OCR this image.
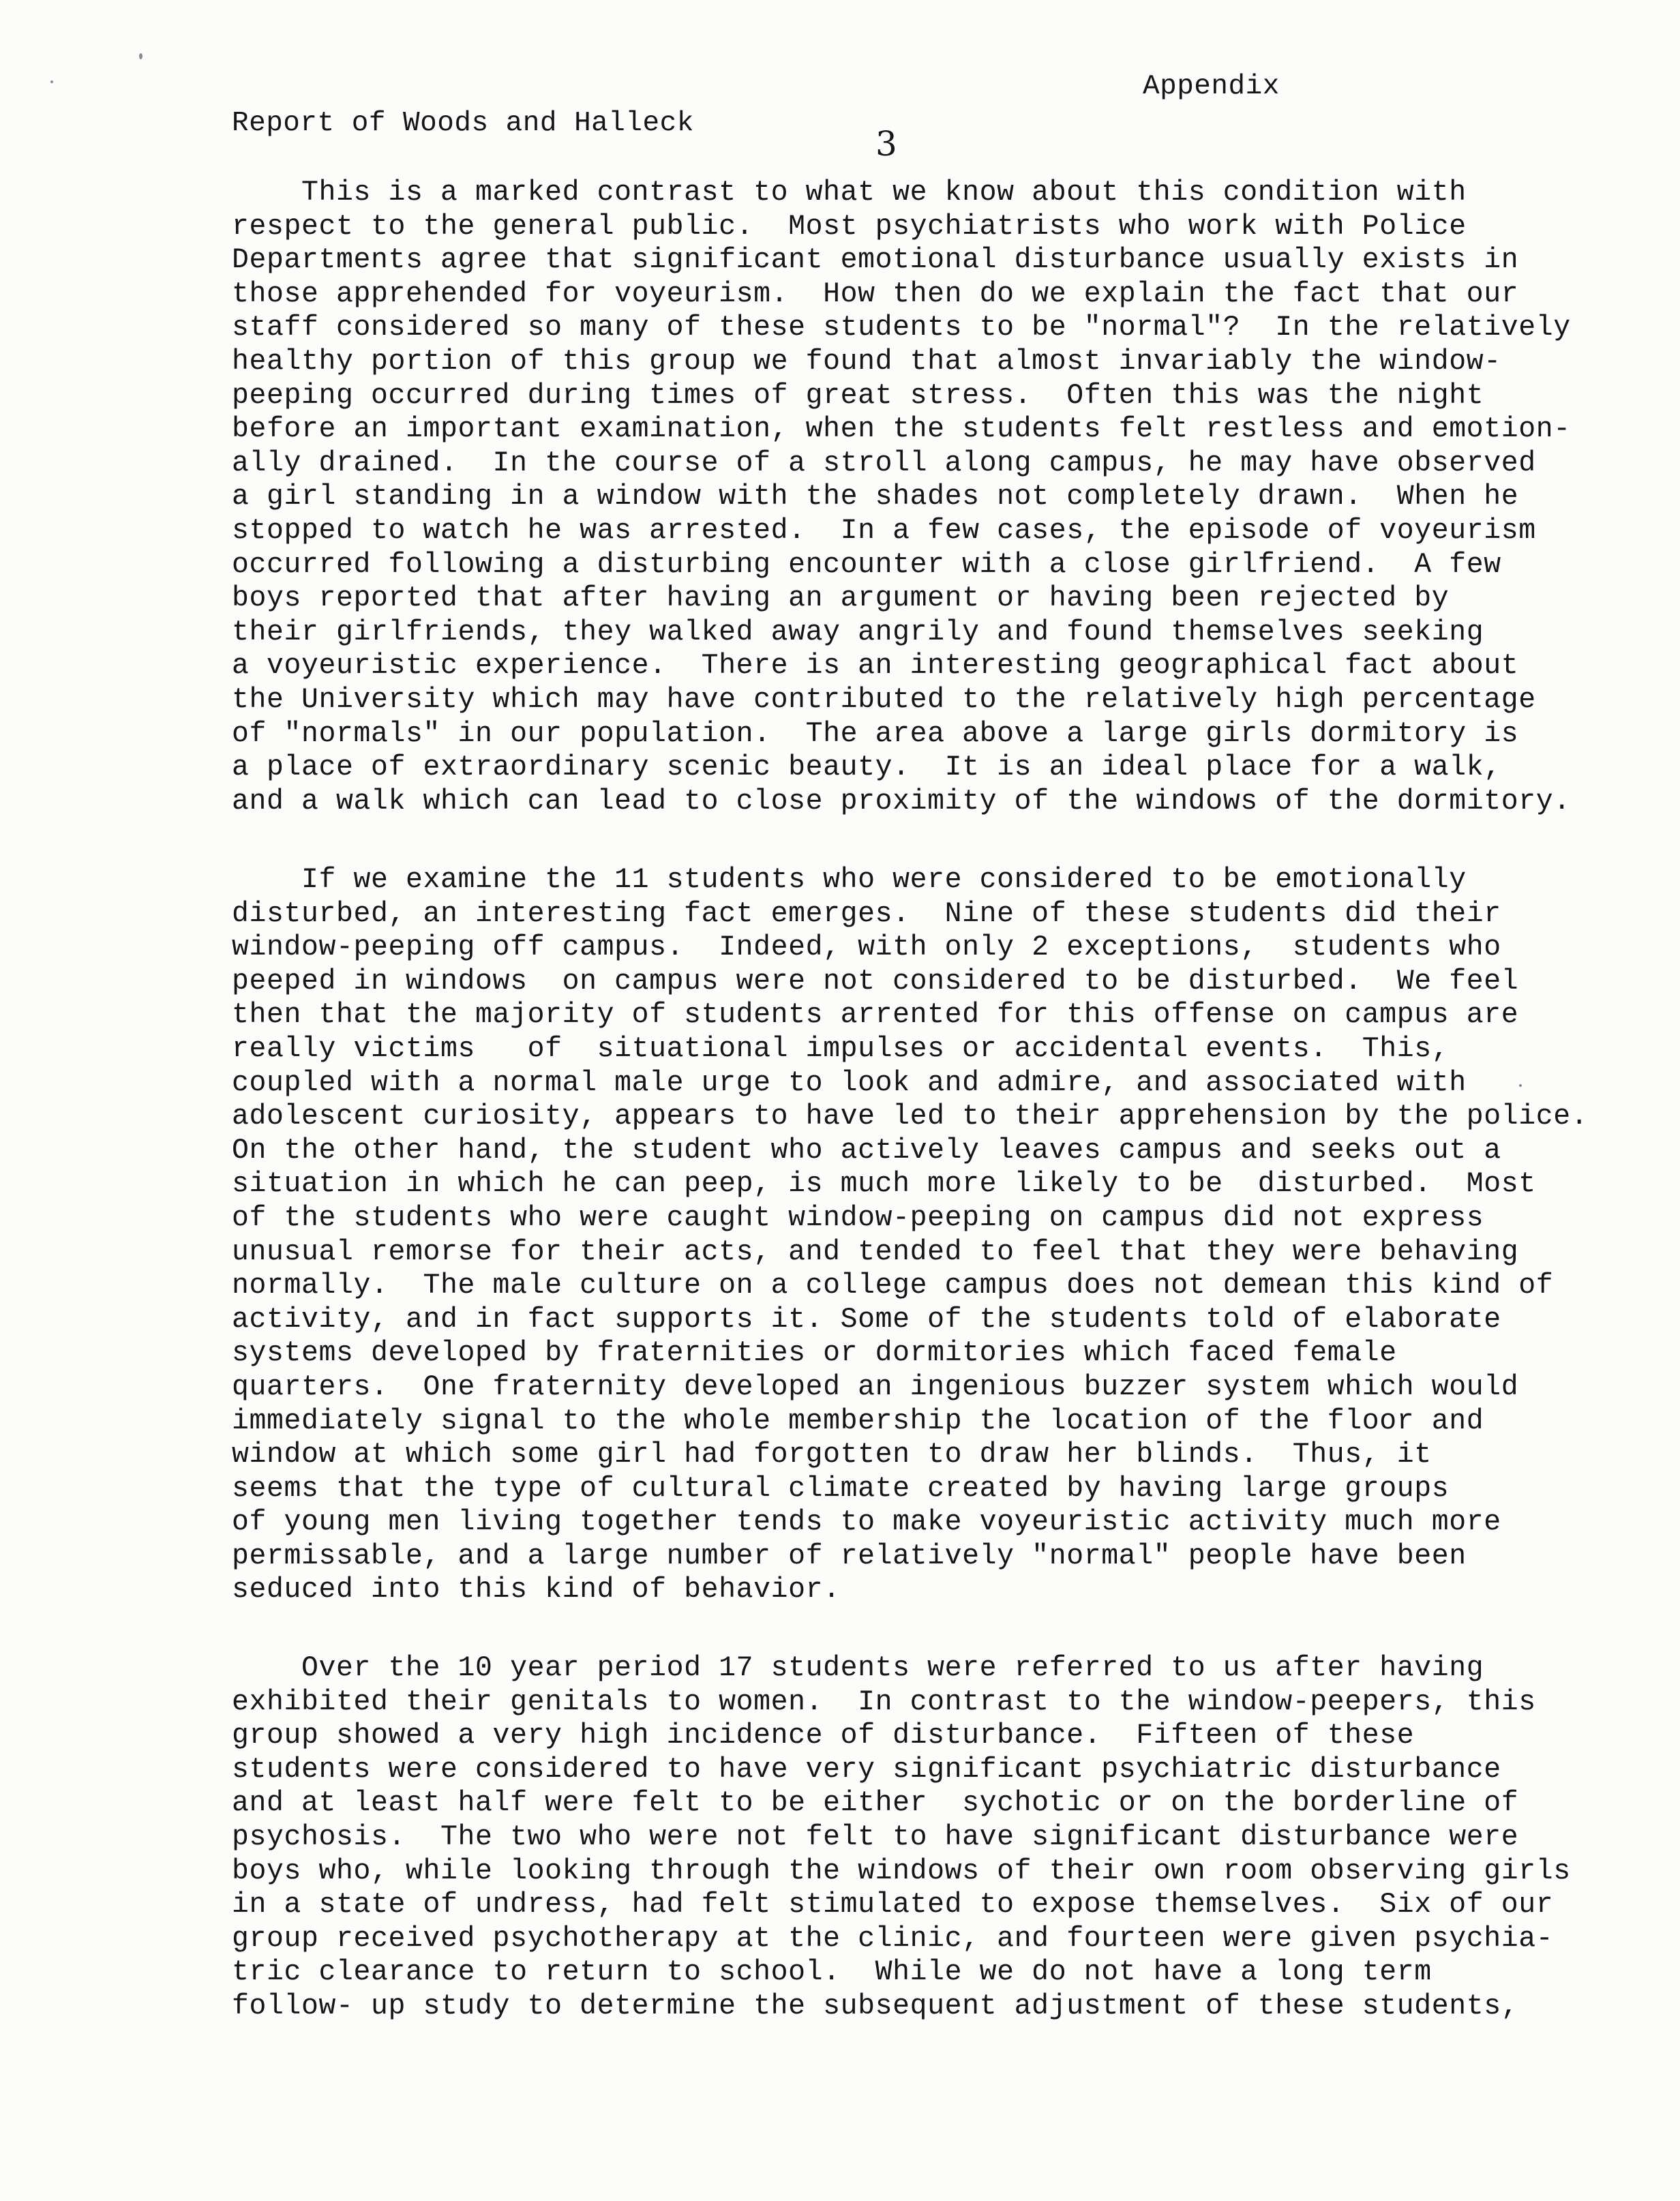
Appendix
Report of Woods and Halleck
3
This is a marked contrast to what we know about this condition with
respect to the general public.  Most psychiatrists who work with Police
Departments agree that significant emotional disturbance usually exists in
those apprehended for voyeurism.  How then do we explain the fact that our
staff considered so many of these students to be "normal"?  In the relatively
healthy portion of this group we found that almost invariably the window-
peeping occurred during times of great stress.  Often this was the night
before an important examination, when the students felt restless and emotion-
ally drained.  In the course of a stroll along campus, he may have observed
a girl standing in a window with the shades not completely drawn.  When he
stopped to watch he was arrested.  In a few cases, the episode of voyeurism
occurred following a disturbing encounter with a close girlfriend.  A few
boys reported that after having an argument or having been rejected by
their girlfriends, they walked away angrily and found themselves seeking
a voyeuristic experience.  There is an interesting geographical fact about
the University which may have contributed to the relatively high percentage
of "normals" in our population.  The area above a large girls dormitory is
a place of extraordinary scenic beauty.  It is an ideal place for a walk,
and a walk which can lead to close proximity of the windows of the dormitory.
If we examine the 11 students who were considered to be emotionally
disturbed, an interesting fact emerges.  Nine of these students did their
window-peeping off campus.  Indeed, with only 2 exceptions,  students who
peeped in windows  on campus were not considered to be disturbed.  We feel
then that the majority of students arrented for this offense on campus are
really victims   of  situational impulses or accidental events.  This,
coupled with a normal male urge to look and admire, and associated with
adolescent curiosity, appears to have led to their apprehension by the police.
On the other hand, the student who actively leaves campus and seeks out a
situation in which he can peep, is much more likely to be  disturbed.  Most
of the students who were caught window-peeping on campus did not express
unusual remorse for their acts, and tended to feel that they were behaving
normally.  The male culture on a college campus does not demean this kind of
activity, and in fact supports it. Some of the students told of elaborate
systems developed by fraternities or dormitories which faced female
quarters.  One fraternity developed an ingenious buzzer system which would
immediately signal to the whole membership the location of the floor and
window at which some girl had forgotten to draw her blinds.  Thus, it
seems that the type of cultural climate created by having large groups
of young men living together tends to make voyeuristic activity much more
permissable, and a large number of relatively "normal" people have been
seduced into this kind of behavior.
Over the 10 year period 17 students were referred to us after having
exhibited their genitals to women.  In contrast to the window-peepers, this
group showed a very high incidence of disturbance.  Fifteen of these
students were considered to have very significant psychiatric disturbance
and at least half were felt to be either  sychotic or on the borderline of
psychosis.  The two who were not felt to have significant disturbance were
boys who, while looking through the windows of their own room observing girls
in a state of undress, had felt stimulated to expose themselves.  Six of our
group received psychotherapy at the clinic, and fourteen were given psychia-
tric clearance to return to school.  While we do not have a long term
follow- up study to determine the subsequent adjustment of these students,
